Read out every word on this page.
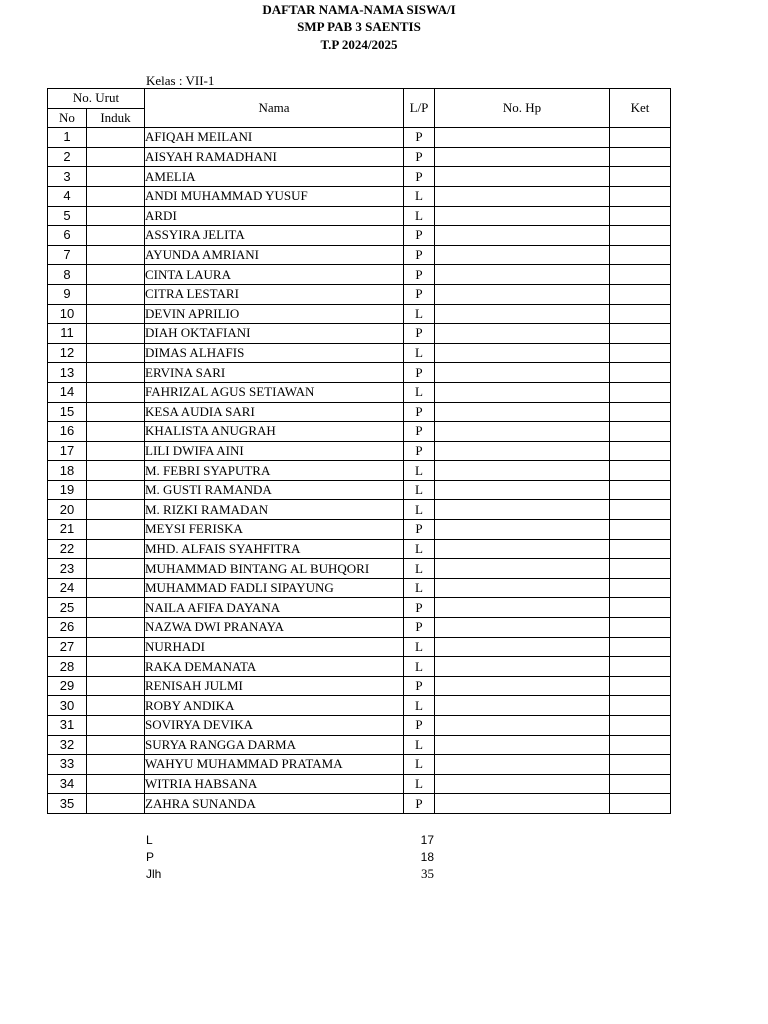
DAFTAR NAMA-NAMA SISWA/I
SMP PAB 3 SAENTIS
T.P 2024/2025
Kelas : VII-1
No. Urut		Nama	L/P	No. Hp	Ket
No	Induk				
1		AFIQAH MEILANI	P		
2		AISYAH RAMADHANI	P		
3		AMELIA	P		
4		ANDI MUHAMMAD YUSUF	L		
5		ARDI	L		
6		ASSYIRA JELITA	P		
7		AYUNDA AMRIANI	P		
8		CINTA LAURA	P		
9		CITRA LESTARI	P		
10		DEVIN APRILIO	L		
11		DIAH OKTAFIANI	P		
12		DIMAS ALHAFIS	L		
13		ERVINA SARI	P		
14		FAHRIZAL AGUS SETIAWAN	L		
15		KESA AUDIA SARI	P		
16		KHALISTA ANUGRAH	P		
17		LILI DWIFA AINI	P		
18		M. FEBRI SYAPUTRA	L		
19		M. GUSTI RAMANDA	L		
20		M. RIZKI RAMADAN	L		
21		MEYSI FERISKA	P		
22		MHD. ALFAIS SYAHFITRA	L		
23		MUHAMMAD BINTANG AL BUHQORI	L		
24		MUHAMMAD FADLI SIPAYUNG	L		
25		NAILA AFIFA DAYANA	P		
26		NAZWA DWI PRANAYA	P		
27		NURHADI	L		
28		RAKA DEMANATA	L		
29		RENISAH JULMI	P		
30		ROBY ANDIKA	L		
31		SOVIRYA DEVIKA	P		
32		SURYA RANGGA DARMA	L		
33		WAHYU MUHAMMAD PRATAMA	L		
34		WITRIA HABSANA	L		
35		ZAHRA SUNANDA	P		
L	17
P	18
Jlh	35
